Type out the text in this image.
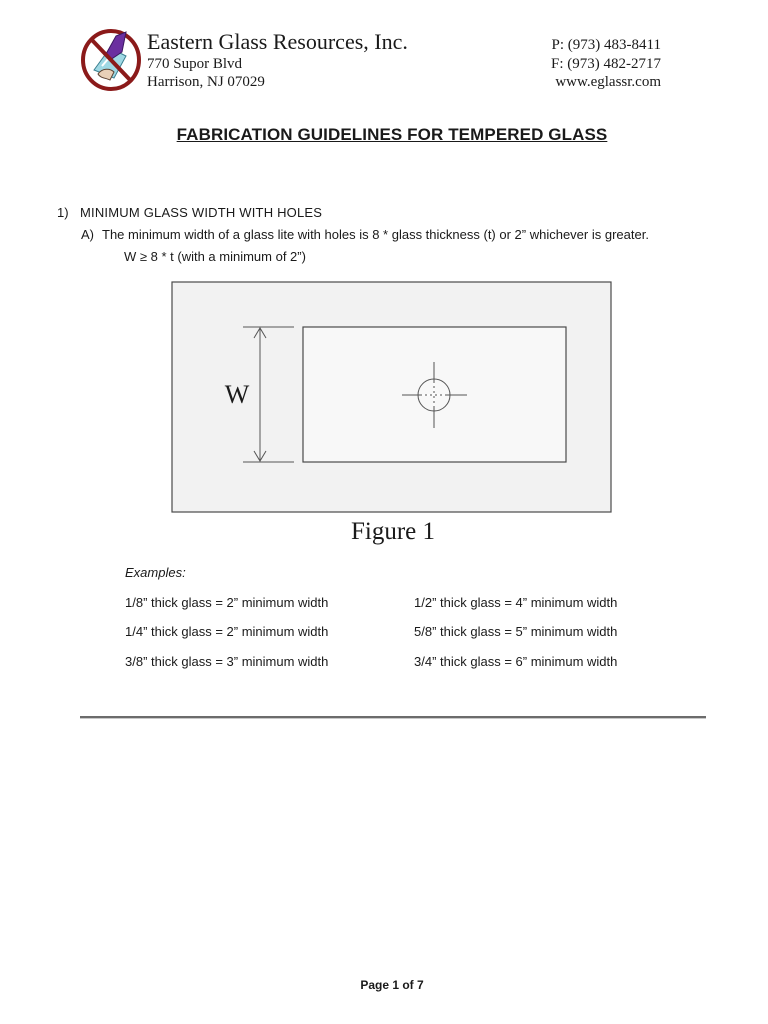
Eastern Glass Resources, Inc.
770 Supor Blvd
Harrison, NJ 07029
P: (973) 483-8411
F: (973) 482-2717
www.eglassr.com
FABRICATION GUIDELINES FOR TEMPERED GLASS
1) MINIMUM GLASS WIDTH WITH HOLES
A) The minimum width of a glass lite with holes is 8 * glass thickness (t) or 2” whichever is greater.
W ≥ 8 * t (with a minimum of 2”)
W
Figure 1
Examples:
1/8” thick glass = 2” minimum width
1/4” thick glass = 2” minimum width
3/8” thick glass = 3” minimum width
1/2” thick glass = 4” minimum width
5/8” thick glass = 5” minimum width
3/4” thick glass = 6” minimum width
Page 1 of 7
